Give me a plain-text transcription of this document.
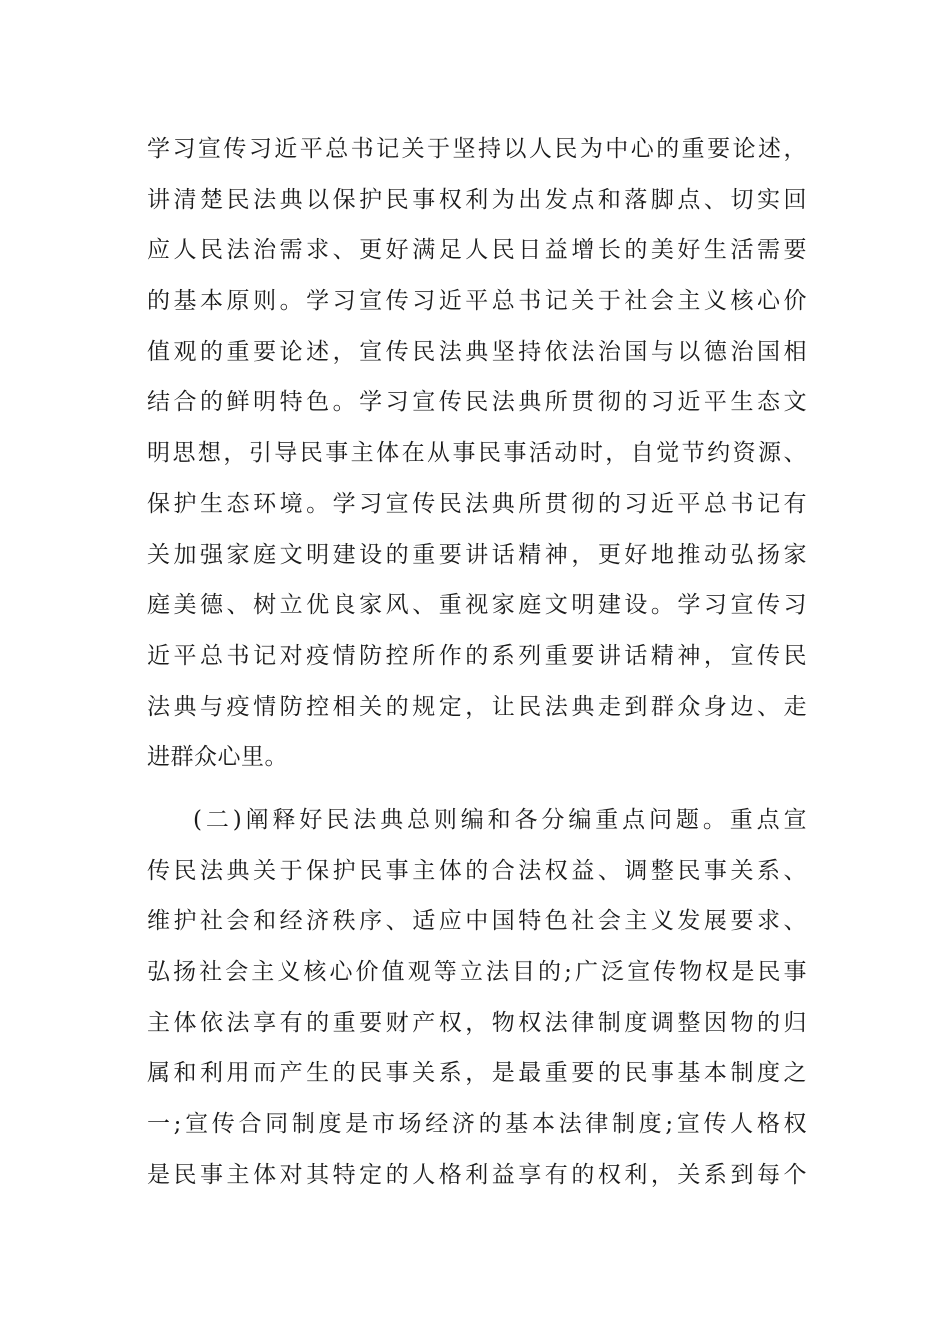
学习宣传习近平总书记关于坚持以人民为中心的重要论述，
讲清楚民法典以保护民事权利为出发点和落脚点、切实回
应人民法治需求、更好满足人民日益增长的美好生活需要
的基本原则。学习宣传习近平总书记关于社会主义核心价
值观的重要论述，宣传民法典坚持依法治国与以德治国相
结合的鲜明特色。学习宣传民法典所贯彻的习近平生态文
明思想，引导民事主体在从事民事活动时，自觉节约资源、
保护生态环境。学习宣传民法典所贯彻的习近平总书记有
关加强家庭文明建设的重要讲话精神，更好地推动弘扬家
庭美德、树立优良家风、重视家庭文明建设。学习宣传习
近平总书记对疫情防控所作的系列重要讲话精神，宣传民
法典与疫情防控相关的规定，让民法典走到群众身边、走
进群众心里。
(二)阐释好民法典总则编和各分编重点问题。重点宣
传民法典关于保护民事主体的合法权益、调整民事关系、
维护社会和经济秩序、适应中国特色社会主义发展要求、
弘扬社会主义核心价值观等立法目的;广泛宣传物权是民事
主体依法享有的重要财产权，物权法律制度调整因物的归
属和利用而产生的民事关系，是最重要的民事基本制度之
一;宣传合同制度是市场经济的基本法律制度;宣传人格权
是民事主体对其特定的人格利益享有的权利，关系到每个
